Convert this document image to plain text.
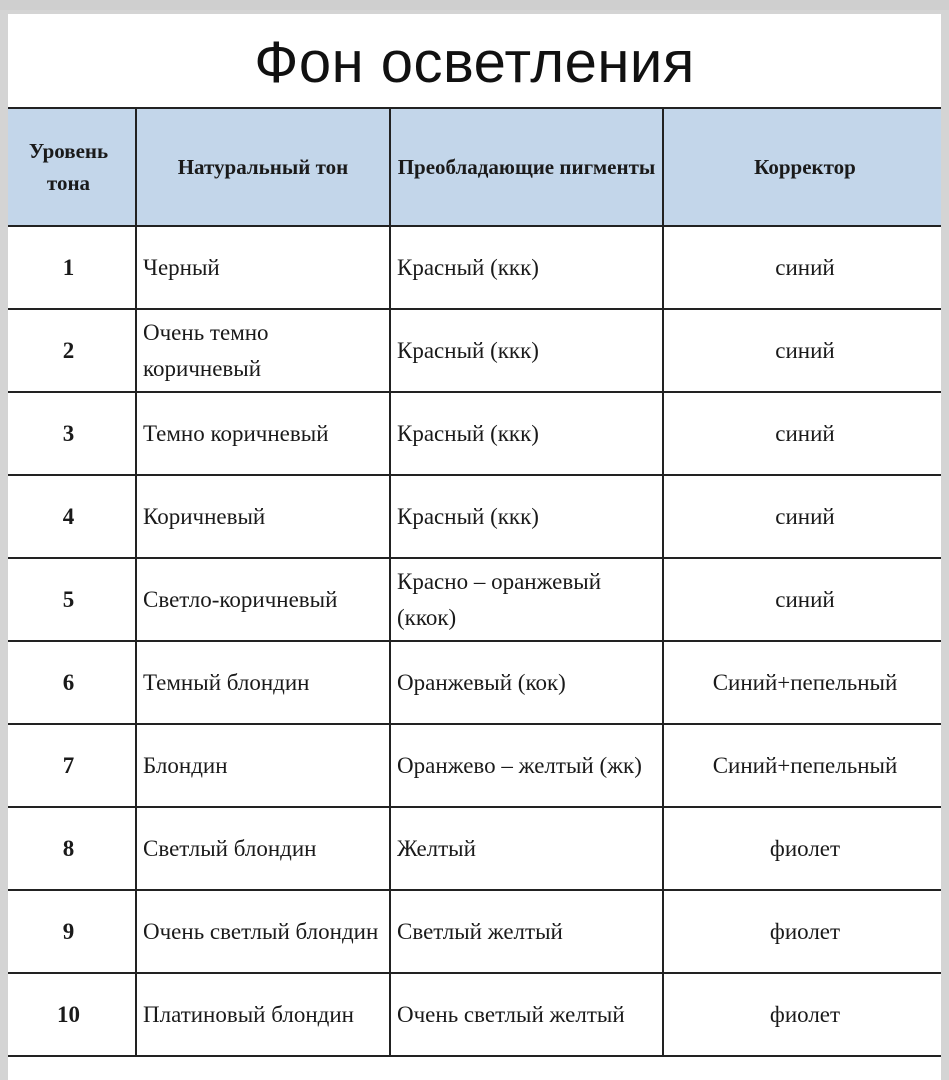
Фон осветления
Уровень тона	Натуральный тон	Преобладающие пигменты	Корректор
1	Черный	Красный (ккк)	синий
2	Очень темно коричневый	Красный (ккк)	синий
3	Темно коричневый	Красный (ккк)	синий
4	Коричневый	Красный (ккк)	синий
5	Светло-коричневый	Красно – оранжевый (ккок)	синий
6	Темный блондин	Оранжевый (кок)	Синий+пепельный
7	Блондин	Оранжево – желтый (жк)	Синий+пепельный
8	Светлый блондин	Желтый	фиолет
9	Очень светлый блондин	Светлый желтый	фиолет
10	Платиновый блондин	Очень светлый желтый	фиолет
